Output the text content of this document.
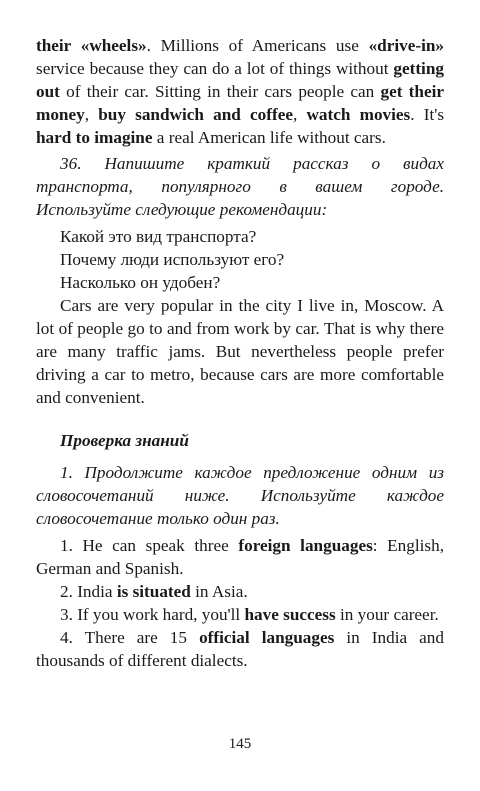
their «wheels». Millions of Americans use «drive-in» service because they can do a lot of things without getting out of their car. Sitting in their cars people can get their money, buy sandwich and coffee, watch movies. It's hard to imagine a real American life without cars.

36. Напишите краткий рассказ о видах транспорта, популярного в вашем городе. Используйте следующие рекомендации:

Какой это вид транспорта?

Почему люди используют его?

Насколько он удобен?

Cars are very popular in the city I live in, Moscow. A lot of people go to and from work by car. That is why there are many traffic jams. But nevertheless people prefer driving a car to metro, because cars are more comfortable and convenient.

Проверка знаний

1. Продолжите каждое предложение одним из словосочетаний ниже. Используйте каждое словосочетание только один раз.

1. He can speak three foreign languages: English, German and Spanish.

2. India is situated in Asia.

3. If you work hard, you'll have success in your career.

4. There are 15 official languages in India and thousands of different dialects.

145
